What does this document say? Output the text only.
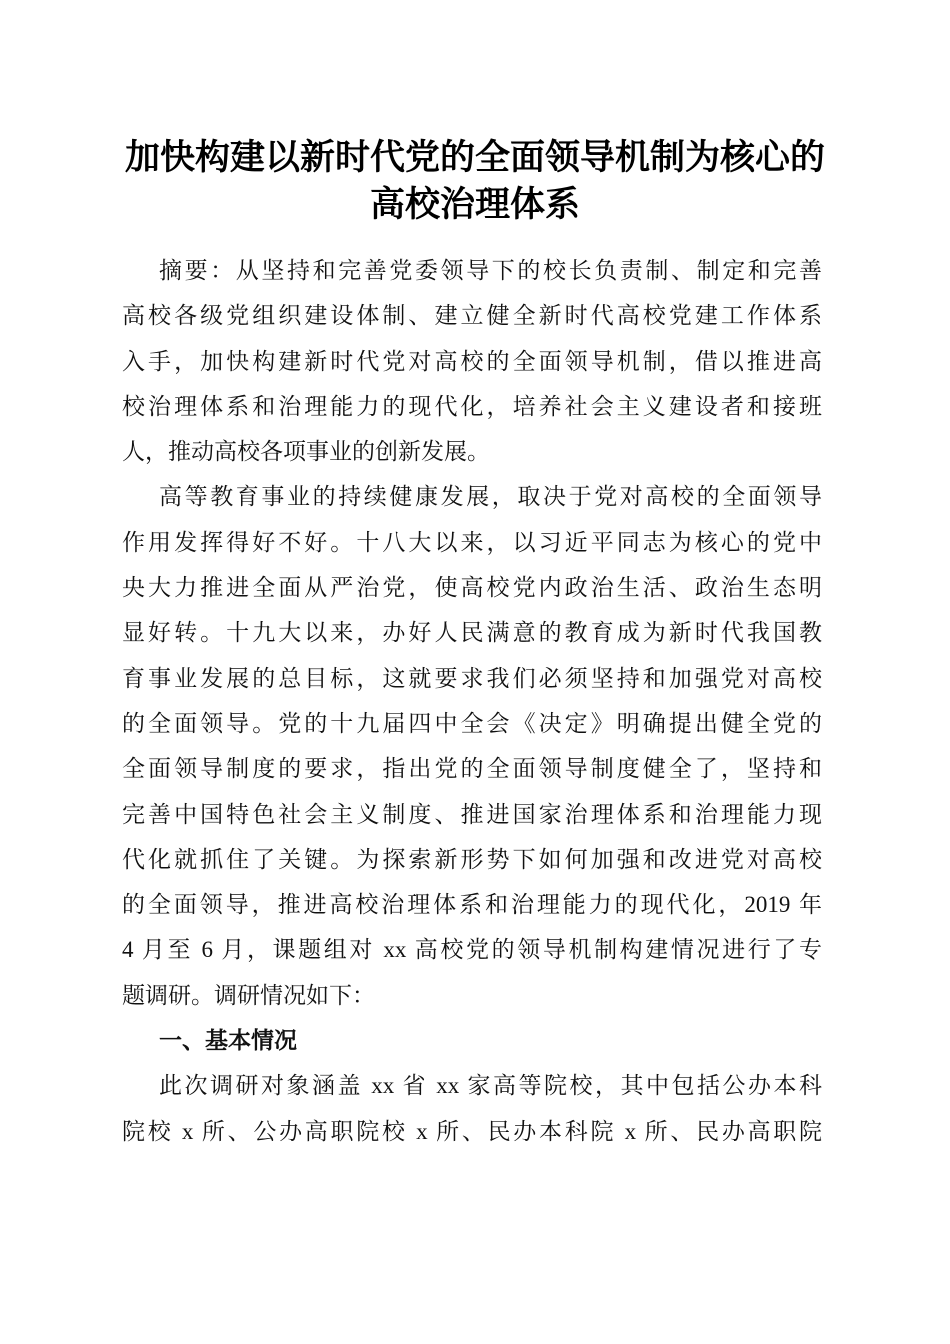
加快构建以新时代党的全面领导机制为核心的
高校治理体系
摘要：从坚持和完善党委领导下的校长负责制、制定和完善
高校各级党组织建设体制、建立健全新时代高校党建工作体系
入手，加快构建新时代党对高校的全面领导机制，借以推进高
校治理体系和治理能力的现代化，培养社会主义建设者和接班
人，推动高校各项事业的创新发展。
高等教育事业的持续健康发展，取决于党对高校的全面领导
作用发挥得好不好。十八大以来，以习近平同志为核心的党中
央大力推进全面从严治党，使高校党内政治生活、政治生态明
显好转。十九大以来，办好人民满意的教育成为新时代我国教
育事业发展的总目标，这就要求我们必须坚持和加强党对高校
的全面领导。党的十九届四中全会《决定》明确提出健全党的
全面领导制度的要求，指出党的全面领导制度健全了，坚持和
完善中国特色社会主义制度、推进国家治理体系和治理能力现
代化就抓住了关键。为探索新形势下如何加强和改进党对高校
的全面领导，推进高校治理体系和治理能力的现代化，2019 年
4 月至 6 月，课题组对 xx 高校党的领导机制构建情况进行了专
题调研。调研情况如下：
一、基本情况
此次调研对象涵盖 xx 省 xx 家高等院校，其中包括公办本科
院校 x 所、公办高职院校 x 所、民办本科院 x 所、民办高职院
